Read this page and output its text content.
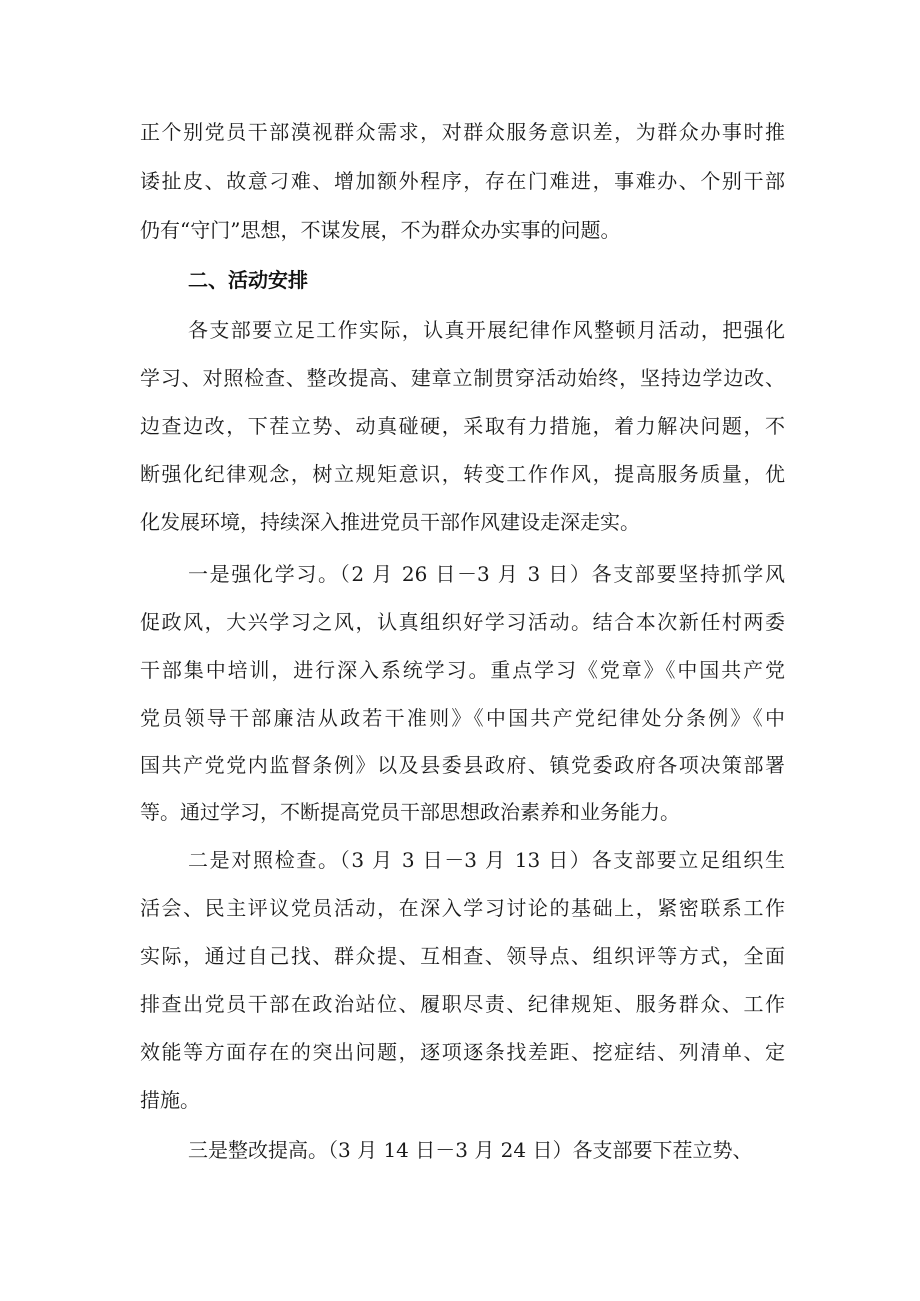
正个别党员干部漠视群众需求，对群众服务意识差，为群众办事时推

诿扯皮、故意刁难、增加额外程序，存在门难进，事难办、个别干部

仍有“守门”思想，不谋发展，不为群众办实事的问题。

二、活动安排

各支部要立足工作实际，认真开展纪律作风整顿月活动，把强化

学习、对照检查、整改提高、建章立制贯穿活动始终，坚持边学边改、

边查边改，下茬立势、动真碰硬，采取有力措施，着力解决问题，不

断强化纪律观念，树立规矩意识，转变工作作风，提高服务质量，优

化发展环境，持续深入推进党员干部作风建设走深走实。

一是强化学习。（2 月 26 日－3 月 3 日）各支部要坚持抓学风

促政风，大兴学习之风，认真组织好学习活动。结合本次新任村两委

干部集中培训，进行深入系统学习。重点学习《党章》《中国共产党

党员领导干部廉洁从政若干准则》《中国共产党纪律处分条例》《中

国共产党党内监督条例》以及县委县政府、镇党委政府各项决策部署

等。通过学习，不断提高党员干部思想政治素养和业务能力。

二是对照检查。（3 月 3 日－3 月 13 日）各支部要立足组织生

活会、民主评议党员活动，在深入学习讨论的基础上，紧密联系工作

实际，通过自己找、群众提、互相查、领导点、组织评等方式，全面

排查出党员干部在政治站位、履职尽责、纪律规矩、服务群众、工作

效能等方面存在的突出问题，逐项逐条找差距、挖症结、列清单、定

措施。

三是整改提高。（3 月 14 日－3 月 24 日）各支部要下茬立势、
